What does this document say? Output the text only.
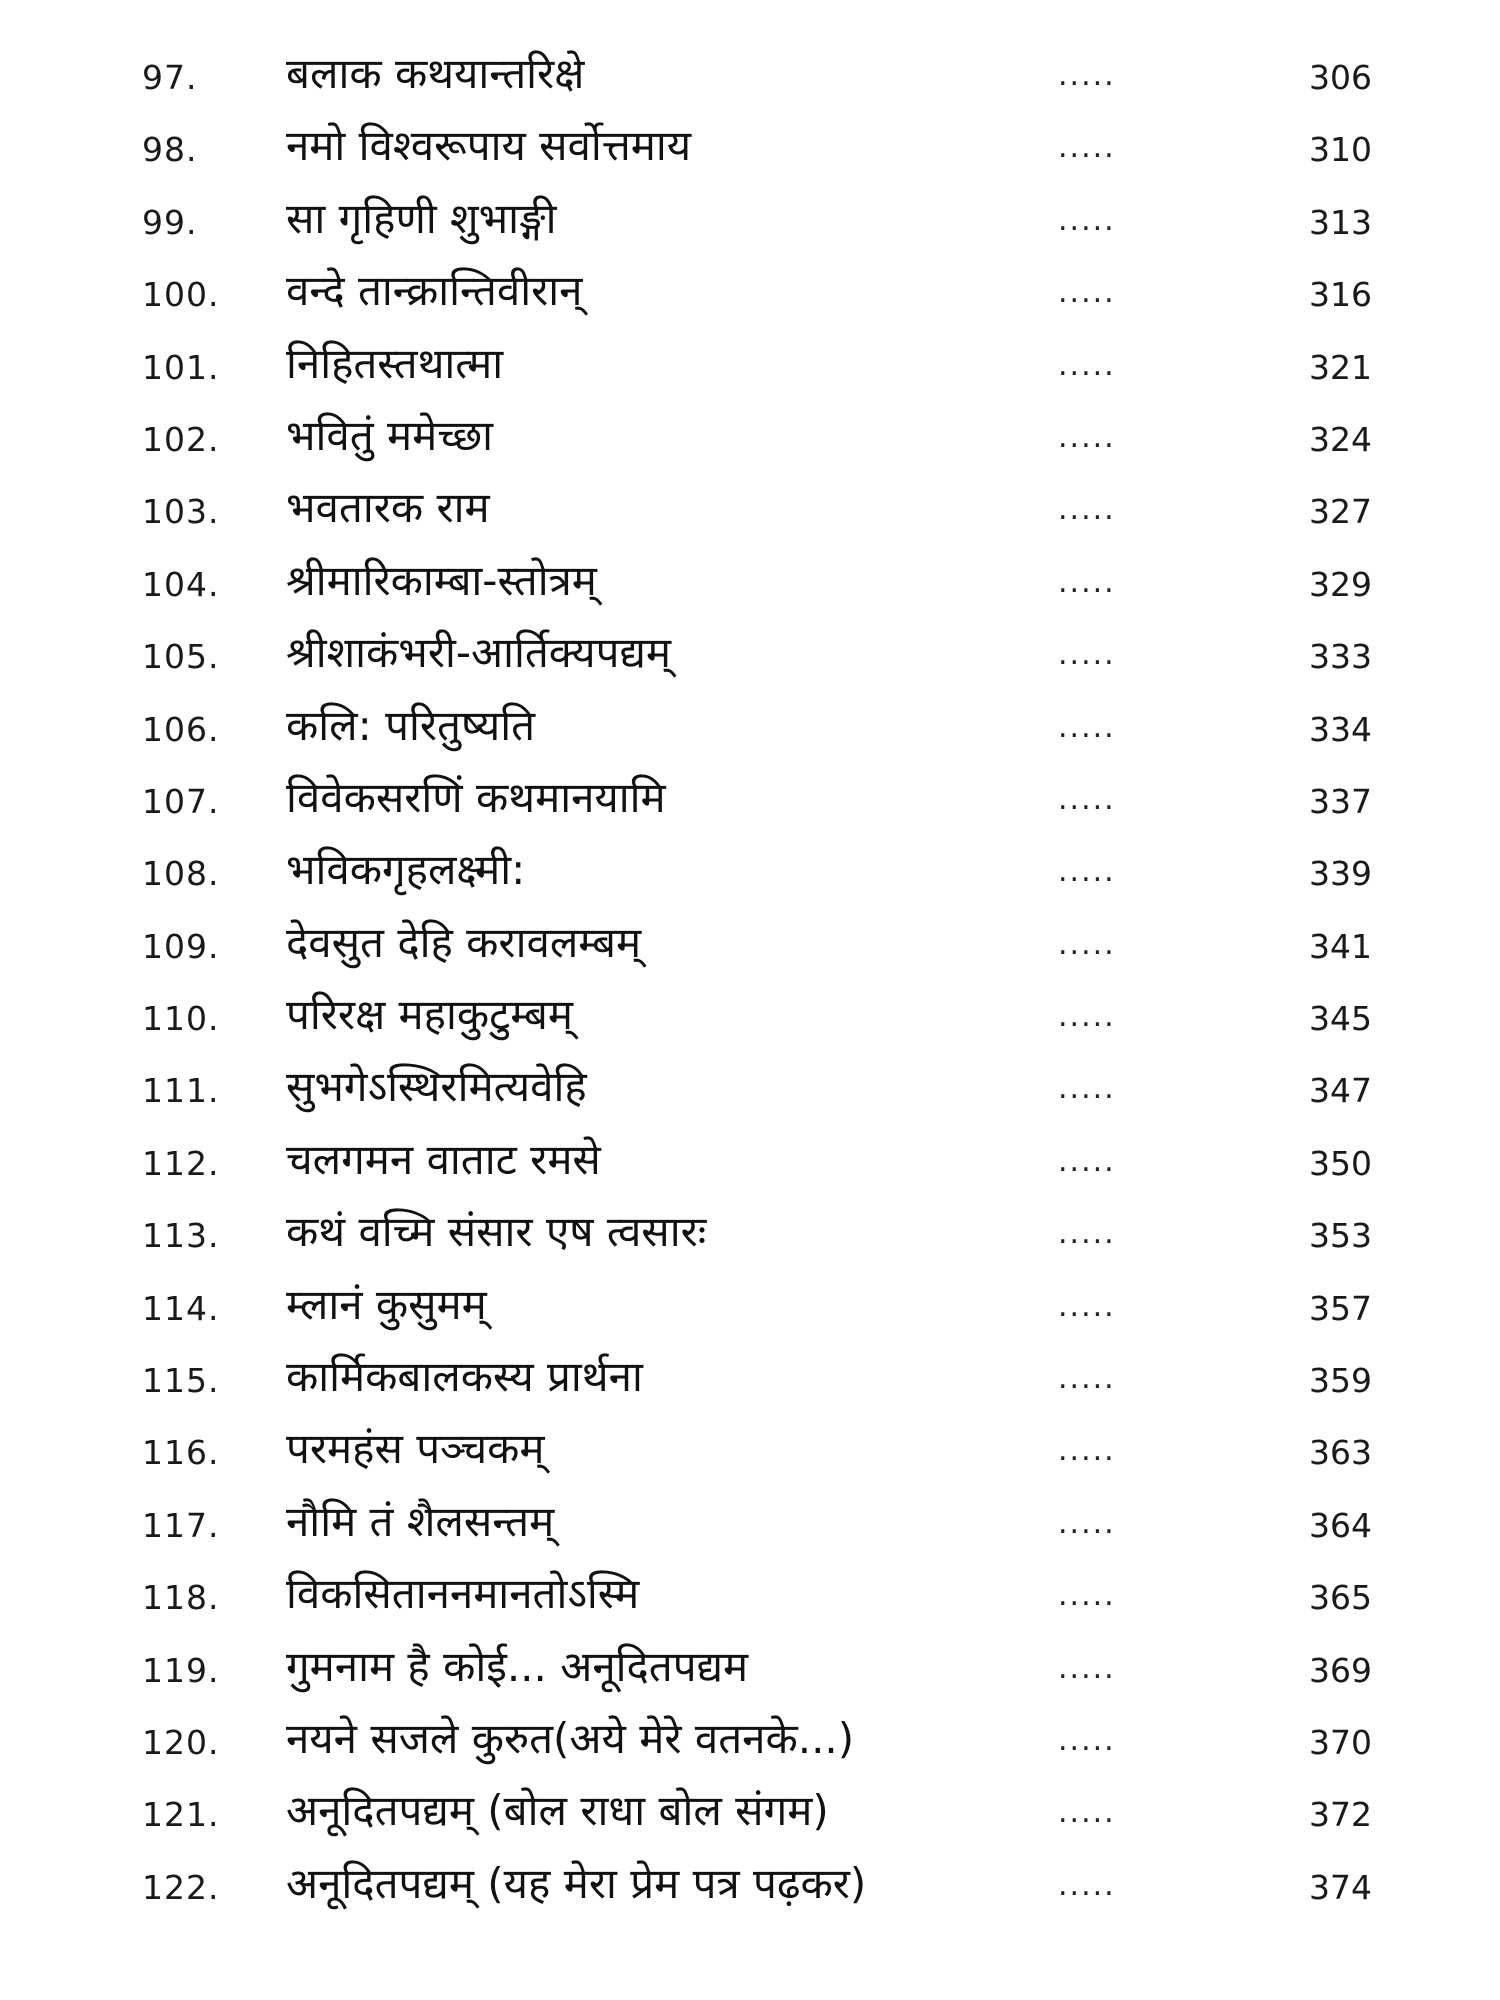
97. बलाक कथयान्तरिक्षे	.....	306
98. नमो विश्वरूपाय सर्वोत्तमाय	.....	310
99. सा गृहिणी शुभाङ्गी	.....	313
100. वन्दे तान्क्रान्तिवीरान्	.....	316
101. निहितस्तथात्मा	.....	321
102. भवितुं ममेच्छा	.....	324
103. भवतारक राम	.....	327
104. श्रीमारिकाम्बा-स्तोत्रम्	.....	329
105. श्रीशाकंभरी-आर्तिक्यपद्यम्	.....	333
106. कलि: परितुष्यति	.....	334
107. विवेकसरणिं कथमानयामि	.....	337
108. भविकगृहलक्ष्मी:	.....	339
109. देवसुत देहि करावलम्बम्	.....	341
110. परिरक्ष महाकुटुम्बम्	.....	345
111. सुभगेऽस्थिरमित्यवेहि	.....	347
112. चलगमन वाताट रमसे	.....	350
113. कथं वच्मि संसार एष त्वसारः	.....	353
114. म्लानं कुसुमम्	.....	357
115. कार्मिकबालकस्य प्रार्थना	.....	359
116. परमहंस पञ्चकम्	.....	363
117. नौमि तं शैलसन्तम्	.....	364
118. विकसिताननमानतोऽस्मि	.....	365
119. गुमनाम है कोई... अनूदितपद्यम	.....	369
120. नयने सजले कुरुत(अये मेरे वतनके...)	.....	370
121. अनूदितपद्यम् (बोल राधा बोल संगम)	.....	372
122. अनूदितपद्यम् (यह मेरा प्रेम पत्र पढ़कर)	.....	374
